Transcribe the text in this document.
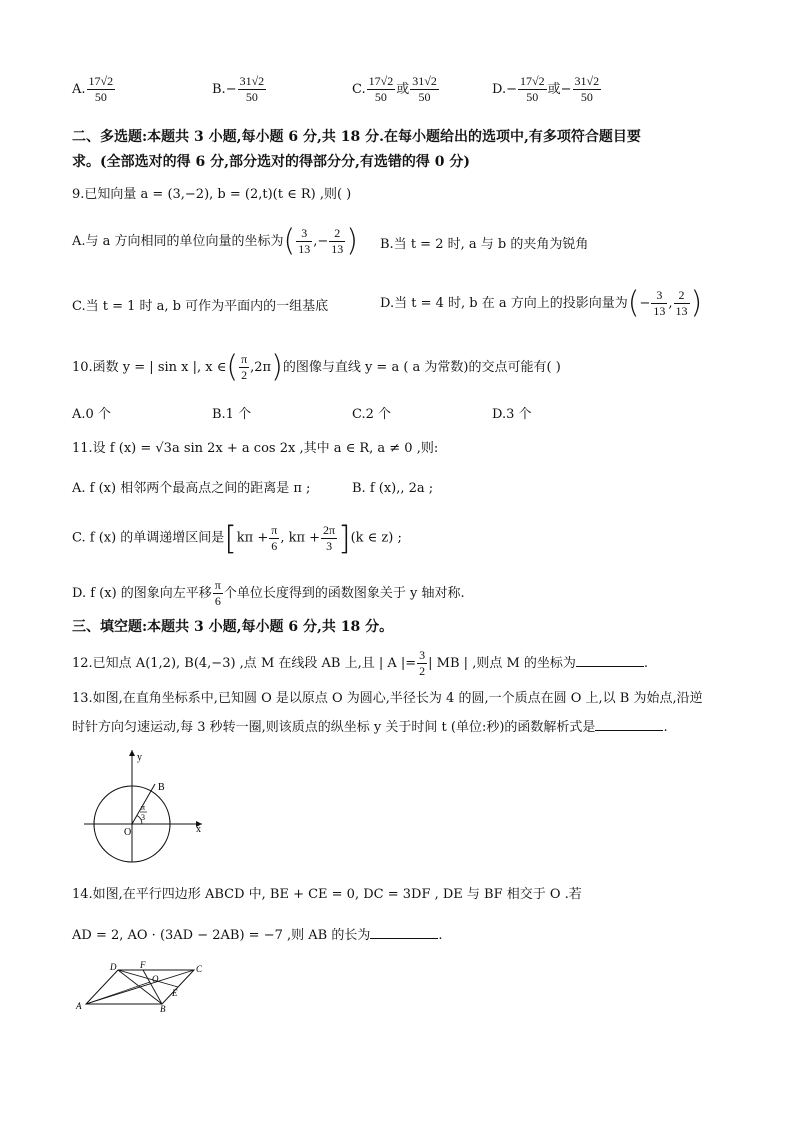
A. $\frac{17√2}{50}$	$B.- \frac{31√2}{50}$	C. $\frac{17√2}{50}$ 或 $\frac{31√2}{50}$	$D.- \frac{17√2}{50}$ 或− $\frac{31√2}{50}$
二、多选题:本题共 3 小题,每小题 6 分,共 18 分.在每小题给出的选项中,有多项符合题目要
求。(全部选对的得 6 分,部分选对的得部分分,有选错的得 0 分)
9.已知向量 a = (3,−2), b = (2,t)(t ∈ R) ,则( )
A.与 a 方向相同的单位向量的坐标为( $\frac{3}{13}$ ,− $\frac{2}{13}$ ) B.当 t = 2 时, a 与 b 的夹角为锐角
C.当 t = 1 时 a, b 可作为平面内的一组基底	D.当 t = 4 时, b 在 a 方向上的投影向量为(− $\frac{3}{13}$ , $\frac{2}{13}$ )
10.函数 y = | sin x |, x ∈( $\frac{\pi}{2} ,2\pi$)的图像与直线 y = a ( a 为常数)的交点可能有( )
A.0 个	B.1 个	C.2 个	D.3 个
11.设 f (x) = √3a sin 2x + a cos 2x ,其中 a ∈ R, a ≠ 0 ,则:
A. f (x) 相邻两个最高点之间的距离是 π ;	B. f (x),, 2a ;
C. f (x) 的单调递增区间是[$k\pi + \frac{\pi}{6}$ , $k\pi + \frac{2\pi}{3} ](k$ ∈ z) ;
D. f (x) 的图象向左平移 $\frac{\pi}{6}$ 个单位长度得到的函数图象关于 y 轴对称.
三、填空题:本题共 3 小题,每小题 6 分,共 18 分。
12.已知点 A(1,2), B(4,−3) ,点 M 在线段 AB 上,且 | A |= $\frac{3}{2}$ | MB | ,则点 M 的坐标为	.
13.如图,在直角坐标系中,已知圆 O 是以原点 O 为圆心,半径长为 4 的圆,一个质点在圆 O 上,以 B 为始点,沿逆
时针方向匀速运动,每 3 秒转一圈,则该质点的纵坐标 y 关于时间 t (单位:秒)的函数解析式是	.
y
x
O
B
π
3
14.如图,在平行四边形 ABCD 中, BE + CE = 0, DC = 3DF , DE 与 BF 相交于 O .若
AD = 2, AO · (3AD − 2AB) = −7 ,则 AB 的长为	.
A	B
C
D
E
F
O
